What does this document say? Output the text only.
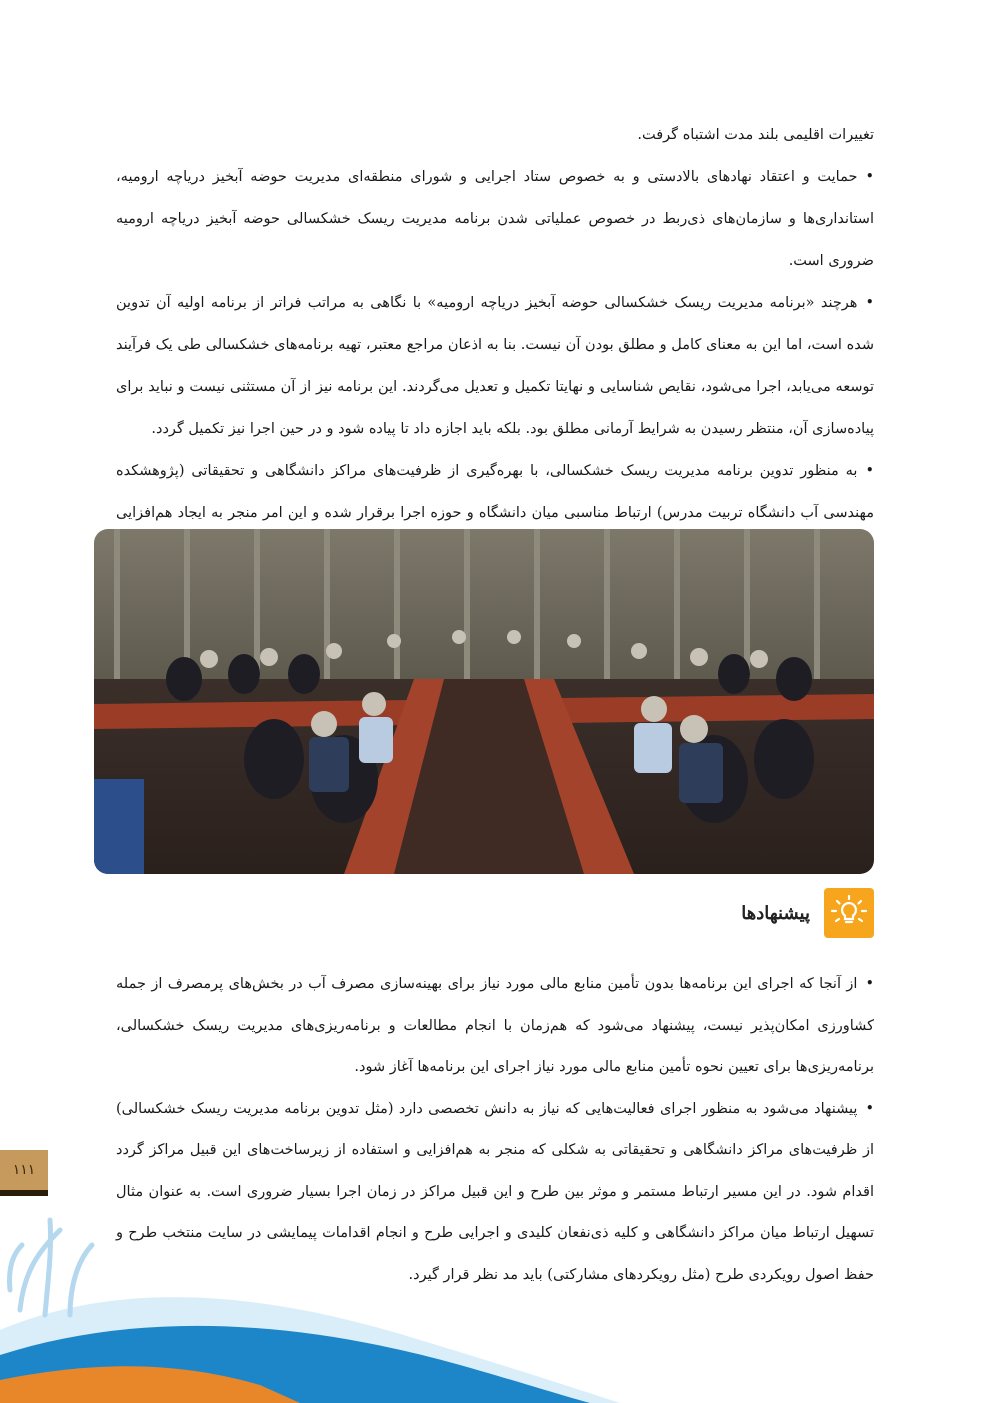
تغییرات اقلیمی بلند مدت اشتباه گرفت.

• حمایت و اعتقاد نهادهای بالادستی و به خصوص ستاد اجرایی و شورای منطقه‌ای مدیریت حوضه آبخیز دریاچه ارومیه، استانداری‌ها و سازمان‌های ذی‌ربط در خصوص عملیاتی شدن برنامه مدیریت ریسک خشکسالی حوضه آبخیز دریاچه ارومیه ضروری است.

• هرچند «برنامه مدیریت ریسک خشکسالی حوضه آبخیز دریاچه ارومیه» با نگاهی به مراتب فراتر از برنامه اولیه آن تدوین شده است، اما این به معنای کامل و مطلق بودن آن نیست. بنا به اذعان مراجع معتبر، تهیه برنامه‌های خشکسالی طی یک فرآیند توسعه می‌یابد، اجرا می‌شود، نقایص شناسایی و نهایتا تکمیل و تعدیل می‌گردند. این برنامه نیز از آن مستثنی نیست و نباید برای پیاده‌سازی آن، منتظر رسیدن به شرایط آرمانی مطلق بود. بلکه باید اجازه داد تا پیاده شود و در حین اجرا نیز تکمیل گردد.

• به منظور تدوین برنامه مدیریت ریسک خشکسالی، با بهره‌گیری از ظرفیت‌های مراکز دانشگاهی و تحقیقاتی (پژوهشکده مهندسی آب دانشگاه تربیت مدرس) ارتباط مناسبی میان دانشگاه و حوزه اجرا برقرار شده و این امر منجر به ایجاد هم‌افزایی

پیشنهادها

• از آنجا که اجرای این برنامه‌ها بدون تأمین منابع مالی مورد نیاز برای بهینه‌سازی مصرف آب در بخش‌های پرمصرف از جمله کشاورزی امکان‌پذیر نیست، پیشنهاد می‌شود که هم‌زمان با انجام مطالعات و برنامه‌ریزی‌های مدیریت ریسک خشکسالی، برنامه‌ریزی‌ها برای تعیین نحوه تأمین منابع مالی مورد نیاز اجرای این برنامه‌ها آغاز شود.

• پیشنهاد می‌شود به منظور اجرای فعالیت‌هایی که نیاز به دانش تخصصی دارد (مثل تدوین برنامه مدیریت ریسک خشکسالی) از ظرفیت‌های مراکز دانشگاهی و تحقیقاتی به شکلی که منجر به هم‌افزایی و استفاده از زیرساخت‌های این قبیل مراکز گردد اقدام شود. در این مسیر ارتباط مستمر و موثر بین طرح و این قبیل مراکز در زمان اجرا بسیار ضروری است. به عنوان مثال تسهیل ارتباط میان مراکز دانشگاهی و کلیه ذی‌نفعان کلیدی و اجرایی طرح و انجام اقدامات پیمایشی در سایت منتخب طرح و حفظ اصول رویکردی طرح (مثل رویکردهای مشارکتی) باید مد نظر قرار گیرد.

۱۱۱
